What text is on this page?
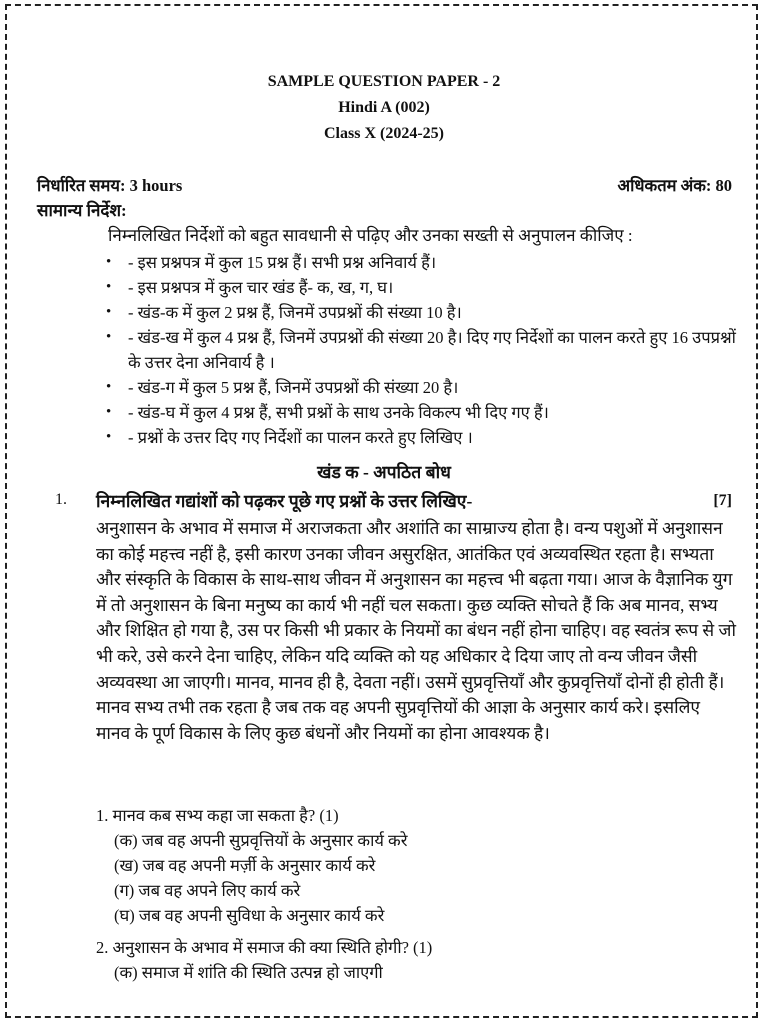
SAMPLE QUESTION PAPER - 2
Hindi A (002)
Class X (2024-25)
निर्धारित समय: 3 hours	अधिकतम अंक: 80
सामान्य निर्देश:
निम्नलिखित निर्देशों को बहुत सावधानी से पढ़िए और उनका सख्ती से अनुपालन कीजिए :
• - इस प्रश्नपत्र में कुल 15 प्रश्न हैं। सभी प्रश्न अनिवार्य हैं।
• - इस प्रश्नपत्र में कुल चार खंड हैं- क, ख, ग, घ।
• - खंड-क में कुल 2 प्रश्न हैं, जिनमें उपप्रश्नों की संख्या 10 है।
• - खंड-ख में कुल 4 प्रश्न हैं, जिनमें उपप्रश्नों की संख्या 20 है। दिए गए निर्देशों का पालन करते हुए 16 उपप्रश्नों के उत्तर देना अनिवार्य है ।
• - खंड-ग में कुल 5 प्रश्न हैं, जिनमें उपप्रश्नों की संख्या 20 है।
• - खंड-घ में कुल 4 प्रश्न हैं, सभी प्रश्नों के साथ उनके विकल्प भी दिए गए हैं।
• - प्रश्नों के उत्तर दिए गए निर्देशों का पालन करते हुए लिखिए ।
खंड क - अपठित बोध
1. निम्नलिखित गद्यांशों को पढ़कर पूछे गए प्रश्नों के उत्तर लिखिए-	[7]

अनुशासन के अभाव में समाज में अराजकता और अशांति का साम्राज्य होता है। वन्य पशुओं में अनुशासन का कोई महत्त्व नहीं है, इसी कारण उनका जीवन असुरक्षित, आतंकित एवं अव्यवस्थित रहता है। सभ्यता और संस्कृति के विकास के साथ-साथ जीवन में अनुशासन का महत्त्व भी बढ़ता गया। आज के वैज्ञानिक युग में तो अनुशासन के बिना मनुष्य का कार्य भी नहीं चल सकता। कुछ व्यक्ति सोचते हैं कि अब मानव, सभ्य और शिक्षित हो गया है, उस पर किसी भी प्रकार के नियमों का बंधन नहीं होना चाहिए। वह स्वतंत्र रूप से जो भी करे, उसे करने देना चाहिए, लेकिन यदि व्यक्ति को यह अधिकार दे दिया जाए तो वन्य जीवन जैसी अव्यवस्था आ जाएगी। मानव, मानव ही है, देवता नहीं। उसमें सुप्रवृत्तियाँ और कुप्रवृत्तियाँ दोनों ही होती हैं। मानव सभ्य तभी तक रहता है जब तक वह अपनी सुप्रवृत्तियों की आज्ञा के अनुसार कार्य करे। इसलिए मानव के पूर्ण विकास के लिए कुछ बंधनों और नियमों का होना आवश्यक है।

1. मानव कब सभ्य कहा जा सकता है? (1)
(क) जब वह अपनी सुप्रवृत्तियों के अनुसार कार्य करे
(ख) जब वह अपनी मर्ज़ी के अनुसार कार्य करे
(ग) जब वह अपने लिए कार्य करे
(घ) जब वह अपनी सुविधा के अनुसार कार्य करे
2. अनुशासन के अभाव में समाज की क्या स्थिति होगी? (1)
(क) समाज में शांति की स्थिति उत्पन्न हो जाएगी
